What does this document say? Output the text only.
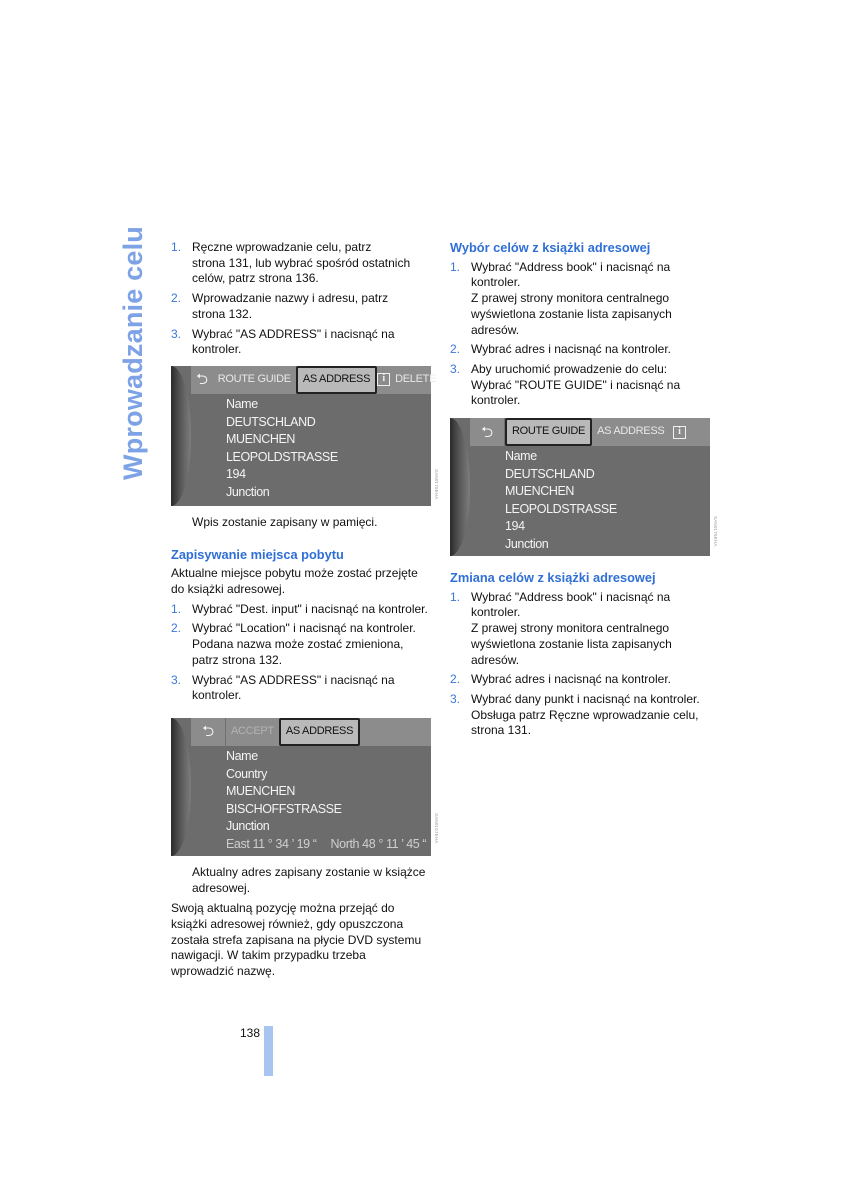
Wprowadzanie celu 1. Ręczne wprowadzanie celu, patrz
strona 131, lub wybrać spośród ostatnich
celów, patrz strona 136.
2. Wprowadzanie nazwy i adresu, patrz
strona 132.
3. Wybrać "AS ADDRESS" i nacisnąć na
kontroler.
⮌ ROUTE GUIDE	AS ADDRESS	i DELETE
Name
DEUTSCHLAND
MUENCHEN
LEOPOLDSTRASSE
194
Junction	SAN0176EHA
Wpis zostanie zapisany w pamięci.
Zapisywanie miejsca pobytu
Aktualne miejsce pobytu może zostać przejęte
do książki adresowej.
1. Wybrać "Dest. input" i nacisnąć na kontroler.
2. Wybrać "Location" i nacisnąć na kontroler.
Podana nazwa może zostać zmieniona,
patrz strona 132.
3. Wybrać "AS ADDRESS" i nacisnąć na
kontroler.
⮌	ACCEPT	AS ADDRESS
Name
Country
MUENCHEN
BISCHOFFSTRASSE
Junction
East 11 ° 34 ’ 19 “ North 48 ° 11 ’ 45 “
Aktualny adres zapisany zostanie w książce
adresowej.
Swoją aktualną pozycję można przejąć do
książki adresowej również, gdy opuszczona
została strefa zapisana na płycie DVD systemu
nawigacji. W takim przypadku trzeba
wprowadzić nazwę.
SAN0157EHA
Wybór celów z książki adresowej
1. Wybrać "Address book" i nacisnąć na
kontroler.
Z prawej strony monitora centralnego
wyświetlona zostanie lista zapisanych
adresów.
2. Wybrać adres i nacisnąć na kontroler.
3. Aby uruchomić prowadzenie do celu:
Wybrać "ROUTE GUIDE" i nacisnąć na
kontroler.
⮌	ROUTE GUIDE	AS ADDRESS	i
Name
DEUTSCHLAND
MUENCHEN
LEOPOLDSTRASSE
194
Junction
Zmiana celów z książki adresowej
1. Wybrać "Address book" i nacisnąć na
kontroler.
Z prawej strony monitora centralnego
wyświetlona zostanie lista zapisanych
adresów.
2. Wybrać adres i nacisnąć na kontroler.
3. Wybrać dany punkt i nacisnąć na kontroler.
Obsługa patrz Ręczne wprowadzanie celu,
strona 131.
SAN0176EHA
138
